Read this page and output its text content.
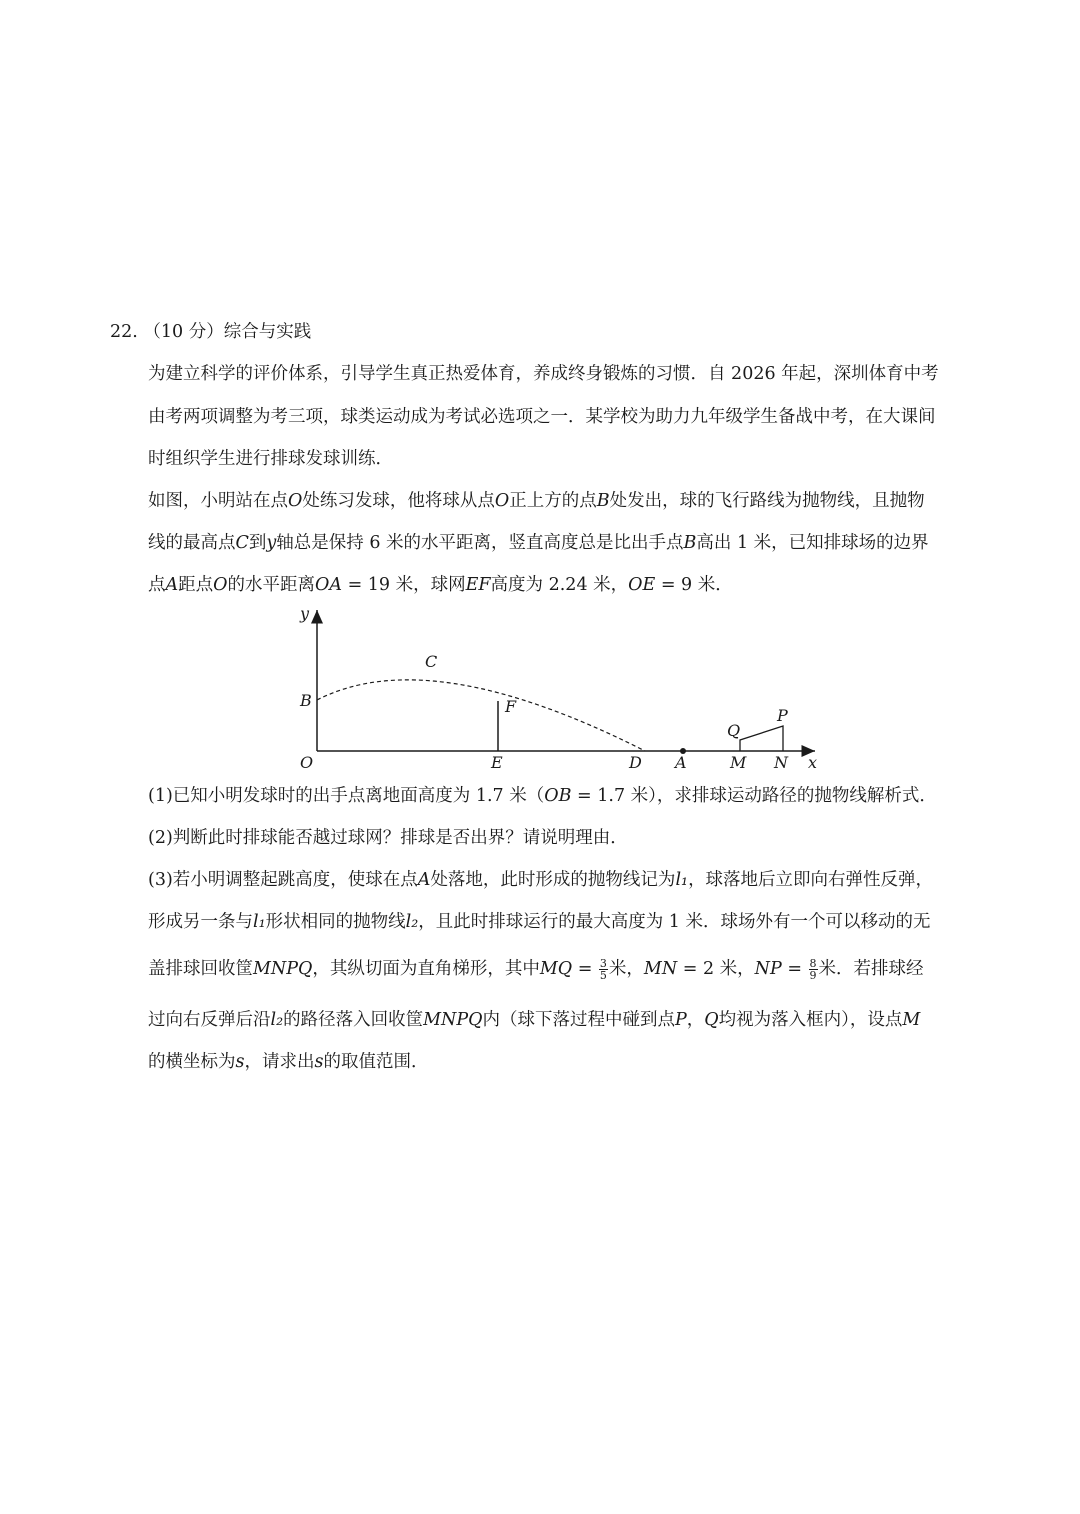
22. （10 分）综合与实践
为建立科学的评价体系，引导学生真正热爱体育，养成终身锻炼的习惯．自 2026 年起，深圳体育中考
由考两项调整为考三项，球类运动成为考试必选项之一．某学校为助力九年级学生备战中考，在大课间
时组织学生进行排球发球训练．
如图，小明站在点O处练习发球，他将球从点O正上方的点B处发出，球的飞行路线为抛物线，且抛物
线的最高点C到y轴总是保持 6 米的水平距离，竖直高度总是比出手点B高出 1 米，已知排球场的边界
点A距点O的水平距离OA = 19 米，球网EF高度为 2.24 米，OE = 9 米．
y
B
O
C
F
E	D A	M N x
Q
P
(1)已知小明发球时的出手点离地面高度为 1.7 米（OB = 1.7 米），求排球运动路径的抛物线解析式．
(2)判断此时排球能否越过球网？排球是否出界？请说明理由．
(3)若小明调整起跳高度，使球在点A处落地，此时形成的抛物线记为l₁，球落地后立即向右弹性反弹，
形成另一条与l₁形状相同的抛物线l₂，且此时排球运行的最大高度为 1 米．球场外有一个可以移动的无
盖排球回收筐MNPQ，其纵切面为直角梯形，其中MQ = $\frac{3}{5}$ 米，MN = 2 米，NP = $\frac{8}{9}$ 米．若排球经
过向右反弹后沿l₂的路径落入回收筐MNPQ内（球下落过程中碰到点P，Q均视为落入框内），设点M
的横坐标为s，请求出s的取值范围．
